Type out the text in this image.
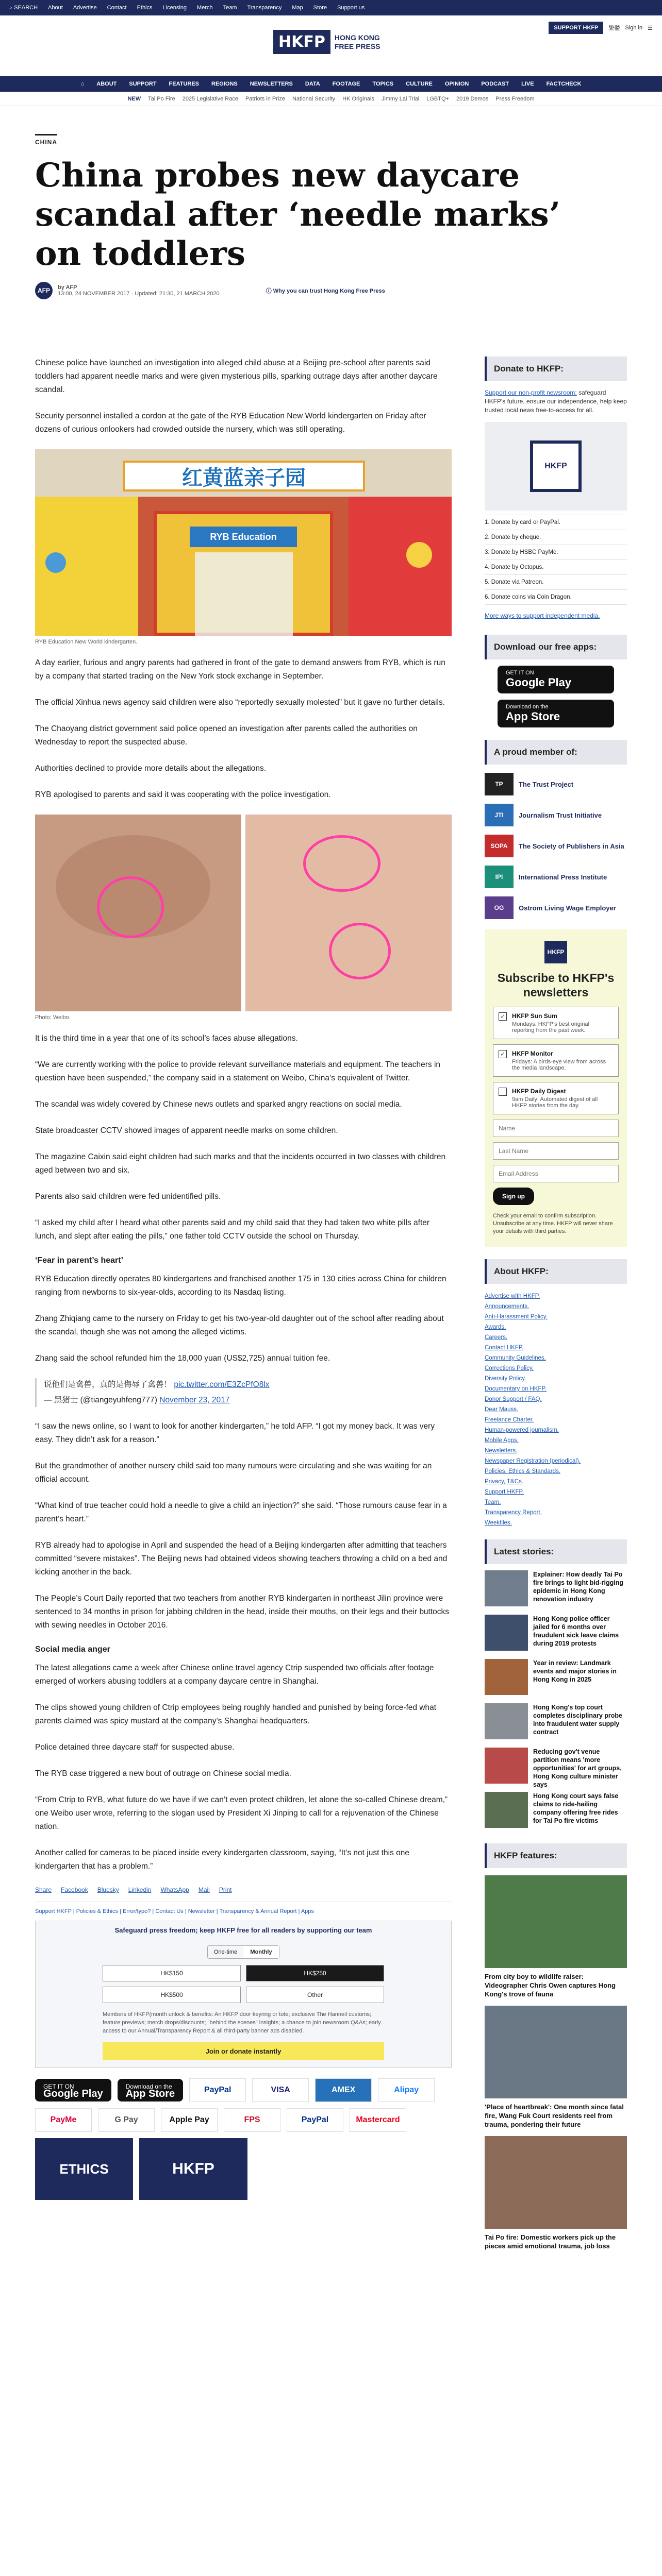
⌕ SEARCH About Advertise Contact Ethics Licensing Merch Team Transparency Map Store Support us
HKFP	HONG KONG
FREE PRESS
SUPPORT HKFP	繁體 Sign in ☰
⌂ ABOUT SUPPORT FEATURES REGIONS NEWSLETTERS DATA FOOTAGE TOPICS CULTURE OPINION PODCAST LIVE FACTCHECK
NEW Tai Po Fire 2025 Legislative Race Patriots in Prize National Security HK Originals Jimmy Lai Trial LGBTQ+ 2019 Demos Press Freedom
CHINA
China probes new daycare scandal after ‘needle marks’ on toddlers
AFP	by AFP
13:00, 24 NOVEMBER 2017 · Updated: 21:30, 21 MARCH 2020	ⓘ Why you can trust Hong Kong Free Press

Chinese police have launched an investigation into alleged child abuse at a Beijing pre-school after parents said toddlers had apparent needle marks and were given mysterious pills, sparking outrage days after another daycare scandal.

Security personnel installed a cordon at the gate of the RYB Education New World kindergarten on Friday after dozens of curious onlookers had crowded outside the nursery, which was still operating.

红黄蓝亲子园
RYB Education
RYB Education New World kindergarten.

A day earlier, furious and angry parents had gathered in front of the gate to demand answers from RYB, which is run by a company that started trading on the New York stock exchange in September.

The official Xinhua news agency said children were also “reportedly sexually molested” but it gave no further details.

The Chaoyang district government said police opened an investigation after parents called the authorities on Wednesday to report the suspected abuse.

Authorities declined to provide more details about the allegations.

RYB apologised to parents and said it was cooperating with the police investigation.

Photo: Weibo.

It is the third time in a year that one of its school’s faces abuse allegations.

“We are currently working with the police to provide relevant surveillance materials and equipment. The teachers in question have been suspended,” the company said in a statement on Weibo, China’s equivalent of Twitter.

The scandal was widely covered by Chinese news outlets and sparked angry reactions on social media.

State broadcaster CCTV showed images of apparent needle marks on some children.

The magazine Caixin said eight children had such marks and that the incidents occurred in two classes with children aged between two and six.

Parents also said children were fed unidentified pills.

“I asked my child after I heard what other parents said and my child said that they had taken two white pills after lunch, and slept after eating the pills,” one father told CCTV outside the school on Thursday.

‘Fear in parent’s heart’

RYB Education directly operates 80 kindergartens and franchised another 175 in 130 cities across China for children ranging from newborns to six-year-olds, according to its Nasdaq listing.

Zhang Zhiqiang came to the nursery on Friday to get his two-year-old daughter out of the school after reading about the scandal, though she was not among the alleged victims.

Zhang said the school refunded him the 18,000 yuan (US$2,725) annual tuition fee.

说他们是禽兽，真的是侮辱了禽兽！ pic.twitter.com/E3ZcPfO8lx

— 黑猪士 (@tiangeyuhfeng777) November 23, 2017

“I saw the news online, so I want to look for another kindergarten,” he told AFP. “I got my money back. It was very easy. They didn’t ask for a reason.”

But the grandmother of another nursery child said too many rumours were circulating and she was waiting for an official account.

“What kind of true teacher could hold a needle to give a child an injection?” she said. “Those rumours cause fear in a parent’s heart.”

RYB already had to apologise in April and suspended the head of a Beijing kindergarten after admitting that teachers committed “severe mistakes”. The Beijing news had obtained videos showing teachers throwing a child on a bed and kicking another in the back.

The People’s Court Daily reported that two teachers from another RYB kindergarten in northeast Jilin province were sentenced to 34 months in prison for jabbing children in the head, inside their mouths, on their legs and their buttocks with sewing needles in October 2016.

Social media anger

The latest allegations came a week after Chinese online travel agency Ctrip suspended two officials after footage emerged of workers abusing toddlers at a company daycare centre in Shanghai.

The clips showed young children of Ctrip employees being roughly handled and punished by being force-fed what parents claimed was spicy mustard at the company’s Shanghai headquarters.

Police detained three daycare staff for suspected abuse.

The RYB case triggered a new bout of outrage on Chinese social media.

“From Ctrip to RYB, what future do we have if we can’t even protect children, let alone the so-called Chinese dream,” one Weibo user wrote, referring to the slogan used by President Xi Jinping to call for a rejuvenation of the Chinese nation.

Another called for cameras to be placed inside every kindergarten classroom, saying, “It’s not just this one kindergarten that has a problem.”

Share Facebook Bluesky Linkedin WhatsApp Mail Print
Support HKFP | Policies & Ethics | Error/typo? | Contact Us | Newsletter | Transparency & Annual Report | Apps
Safeguard press freedom; keep HKFP free for all readers by supporting our team
One-time	Monthly
HK$150	HK$250
HK$500	Other
Members of HKFP(month unlock & benefits: An HKFP door keyring or tote; exclusive The Hanneil customs; feature previews; merch drops/discounts; "behind the scenes" insights; a chance to join newsroom Q&As; early access to our Annual/Transparency Report & all third-party banner ads disabled.
Join or donate instantly
GET IT ON
Google Play
Download on the
App Store	PayPal	VISA	AMEX	Alipay
PayMe	G Pay	Apple Pay	FPS	PayPal	Mastercard
ETHICS	HKFP
Donate to HKFP:
Support our non-profit newsroom: safeguard HKFP's future, ensure our independence, help keep trusted local news free-to-access for all.
HKFP
1. Donate by card or PayPal.
2. Donate by cheque.
3. Donate by HSBC PayMe.
4. Donate by Octopus.
5. Donate via Patreon.
6. Donate coins via Coin Dragon.
More ways to support independent media.
Download our free apps:
GET IT ON
Google Play
Download on the
App Store
A proud member of:
TP	The Trust Project
JTI	Journalism Trust Initiative
SOPA	The Society of Publishers in Asia
IPI	International Press Institute
OG	Ostrom Living Wage Employer
HKFP
Subscribe to HKFP's newsletters
✓ HKFP Sun Sum
Mondays: HKFP's best original reporting from the past week.
✓ HKFP Monitor
Fridays: A birds-eye view from across the media landscape.
HKFP Daily Digest
9am Daily: Automated digest of all HKFP stories from the day.
Name Last Name Email Address Sign up
Check your email to confirm subscription. Unsubscribe at any time. HKFP will never share your details with third parties.
About HKFP:
Advertise with HKFP.
Announcements.
Anti-Harassment Policy.
Awards.
Careers.
Contact HKFP.
Community Guidelines.
Corrections Policy.
Diversity Policy.
Documentary on HKFP.
Donor Support / FAQ.
Dear Mauss.
Freelance Charter.
Human-powered journalism.
Mobile Apps.
Newsletters.
Newspaper Registration (periodical).
Policies, Ethics & Standards.
Privacy, T&Cs.
Support HKFP.
Team.
Transparency Report.
Weekfiles.
Latest stories:
Explainer: How deadly Tai Po fire brings to light bid-rigging epidemic in Hong Kong renovation industry
Hong Kong police officer jailed for 6 months over fraudulent sick leave claims during 2019 protests
Year in review: Landmark events and major stories in Hong Kong in 2025
Hong Kong's top court completes disciplinary probe into fraudulent water supply contract
Reducing gov't venue partition means 'more opportunities' for art groups, Hong Kong culture minister says
Hong Kong court says false claims to ride-hailing company offering free rides for Tai Po fire victims
HKFP features:
From city boy to wildlife raiser: Videographer Chris Owen captures Hong Kong's trove of fauna
'Place of heartbreak': One month since fatal fire, Wang Fuk Court residents reel from trauma, pondering their future
Tai Po fire: Domestic workers pick up the pieces amid emotional trauma, job loss
